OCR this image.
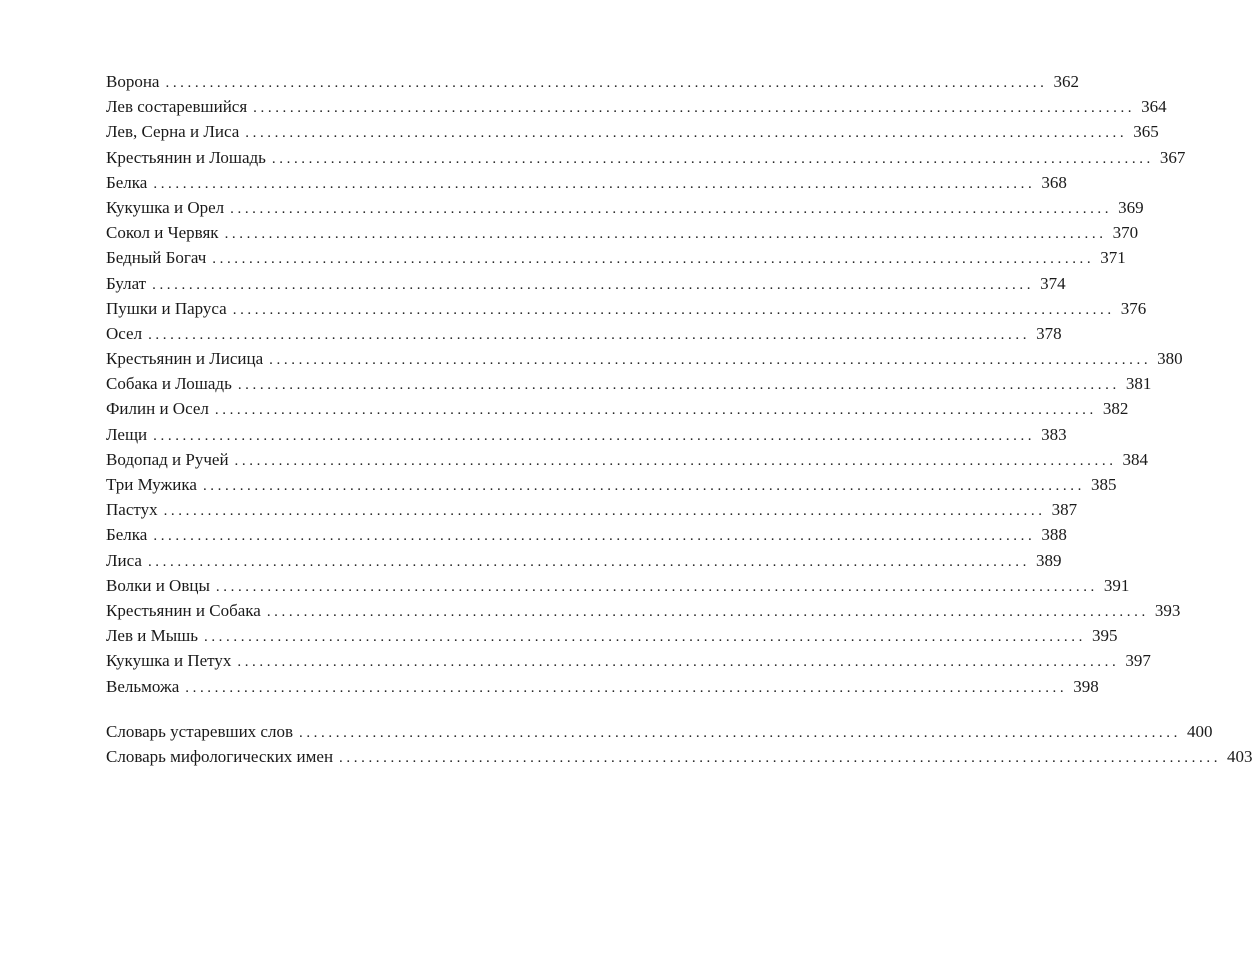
Ворона ........................................................................................................................ 362
Лев состаревшийся ........................................................................................................................ 364
Лев, Серна и Лиса ........................................................................................................................ 365
Крестьянин и Лошадь ........................................................................................................................ 367
Белка ........................................................................................................................ 368
Кукушка и Орел ........................................................................................................................ 369
Сокол и Червяк ........................................................................................................................ 370
Бедный Богач ........................................................................................................................ 371
Булат ........................................................................................................................ 374
Пушки и Паруса ........................................................................................................................ 376
Осел ........................................................................................................................ 378
Крестьянин и Лисица ........................................................................................................................ 380
Собака и Лошадь ........................................................................................................................ 381
Филин и Осел ........................................................................................................................ 382
Лещи ........................................................................................................................ 383
Водопад и Ручей ........................................................................................................................ 384
Три Мужика ........................................................................................................................ 385
Пастух ........................................................................................................................ 387
Белка ........................................................................................................................ 388
Лиса ........................................................................................................................ 389
Волки и Овцы ........................................................................................................................ 391
Крестьянин и Собака ........................................................................................................................ 393
Лев и Мышь ........................................................................................................................ 395
Кукушка и Петух ........................................................................................................................ 397
Вельможа ........................................................................................................................ 398
Словарь устаревших слов ........................................................................................................................ 400
Словарь мифологических имен ........................................................................................................................ 403
